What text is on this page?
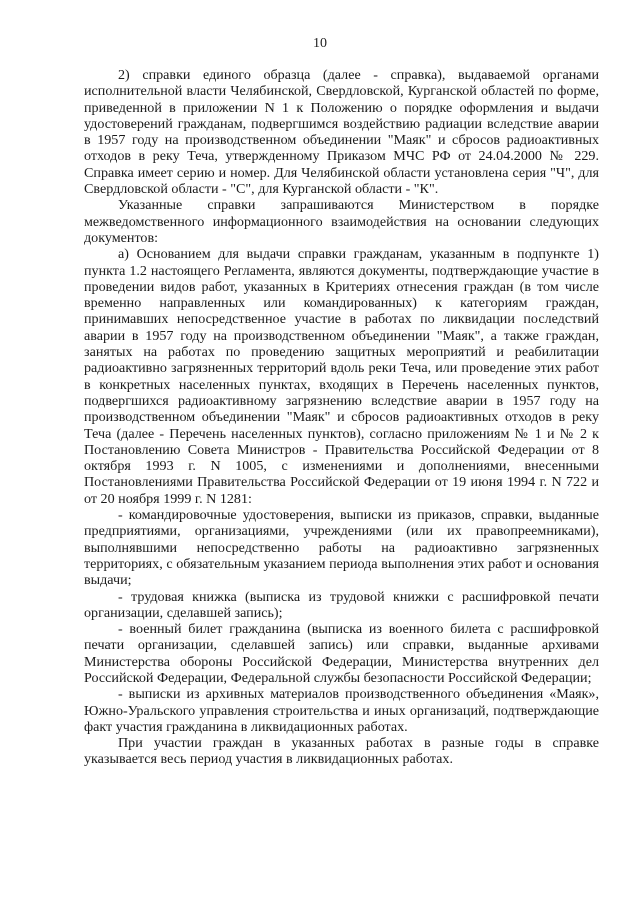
10

2) справки единого образца (далее - справка), выдаваемой органами исполнительной власти Челябинской, Свердловской, Курганской областей по форме, приведенной в приложении N 1 к Положению о порядке оформления и выдачи удостоверений гражданам, подвергшимся воздействию радиации вследствие аварии в 1957 году на производственном объединении "Маяк" и сбросов радиоактивных отходов в реку Теча, утвержденному Приказом МЧС РФ от 24.04.2000 № 229. Справка имеет серию и номер. Для Челябинской области установлена серия "Ч", для Свердловской области - "С", для Курганской области - "К".

Указанные справки запрашиваются Министерством в порядке межведомственного информационного взаимодействия на основании следующих документов:

а) Основанием для выдачи справки гражданам, указанным в подпункте 1) пункта 1.2 настоящего Регламента, являются документы, подтверждающие участие в проведении видов работ, указанных в Критериях отнесения граждан (в том числе временно направленных или командированных) к категориям граждан, принимавших непосредственное участие в работах по ликвидации последствий аварии в 1957 году на производственном объединении "Маяк", а также граждан, занятых на работах по проведению защитных мероприятий и реабилитации радиоактивно загрязненных территорий вдоль реки Теча, или проведение этих работ в конкретных населенных пунктах, входящих в Перечень населенных пунктов, подвергшихся радиоактивному загрязнению вследствие аварии в 1957 году на производственном объединении "Маяк" и сбросов радиоактивных отходов в реку Теча (далее - Перечень населенных пунктов), согласно приложениям № 1 и № 2 к Постановлению Совета Министров - Правительства Российской Федерации от 8 октября 1993 г. N 1005, с изменениями и дополнениями, внесенными Постановлениями Правительства Российской Федерации от 19 июня 1994 г. N 722 и от 20 ноября 1999 г. N 1281:

- командировочные удостоверения, выписки из приказов, справки, выданные предприятиями, организациями, учреждениями (или их правопреемниками), выполнявшими непосредственно работы на радиоактивно загрязненных территориях, с обязательным указанием периода выполнения этих работ и основания выдачи;

- трудовая книжка (выписка из трудовой книжки с расшифровкой печати организации, сделавшей запись);

- военный билет гражданина (выписка из военного билета с расшифровкой печати организации, сделавшей запись) или справки, выданные архивами Министерства обороны Российской Федерации, Министерства внутренних дел Российской Федерации, Федеральной службы безопасности Российской Федерации;

- выписки из архивных материалов производственного объединения «Маяк», Южно-Уральского управления строительства и иных организаций, подтверждающие факт участия гражданина в ликвидационных работах.

При участии граждан в указанных работах в разные годы в справке указывается весь период участия в ликвидационных работах.
